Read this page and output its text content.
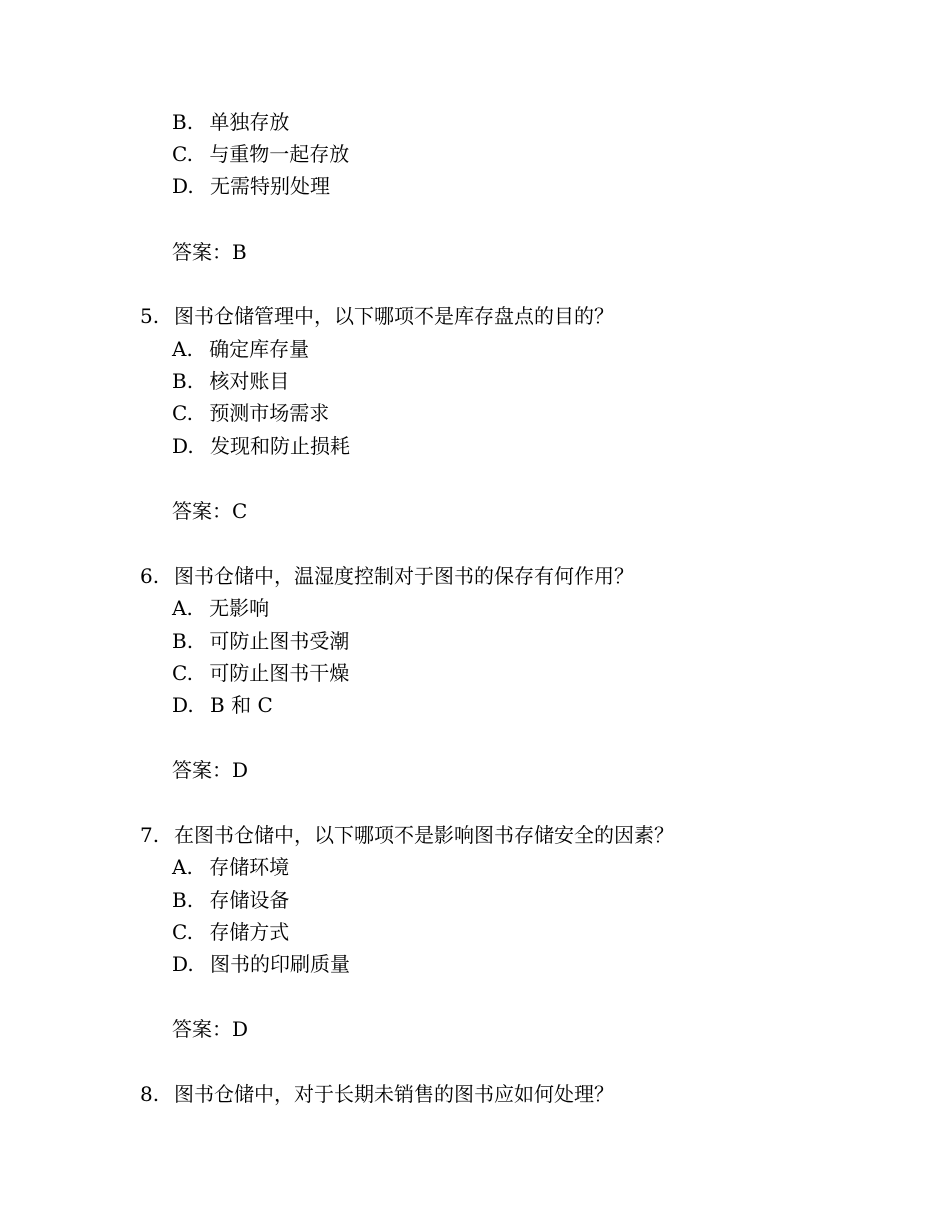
B. 单独存放
C. 与重物一起存放
D. 无需特别处理
答案：B
5. 图书仓储管理中，以下哪项不是库存盘点的目的？
A. 确定库存量
B. 核对账目
C. 预测市场需求
D. 发现和防止损耗
答案：C
6. 图书仓储中，温湿度控制对于图书的保存有何作用？
A. 无影响
B. 可防止图书受潮
C. 可防止图书干燥
D. B 和 C
答案：D
7. 在图书仓储中，以下哪项不是影响图书存储安全的因素？
A. 存储环境
B. 存储设备
C. 存储方式
D. 图书的印刷质量
答案：D
8. 图书仓储中，对于长期未销售的图书应如何处理？
